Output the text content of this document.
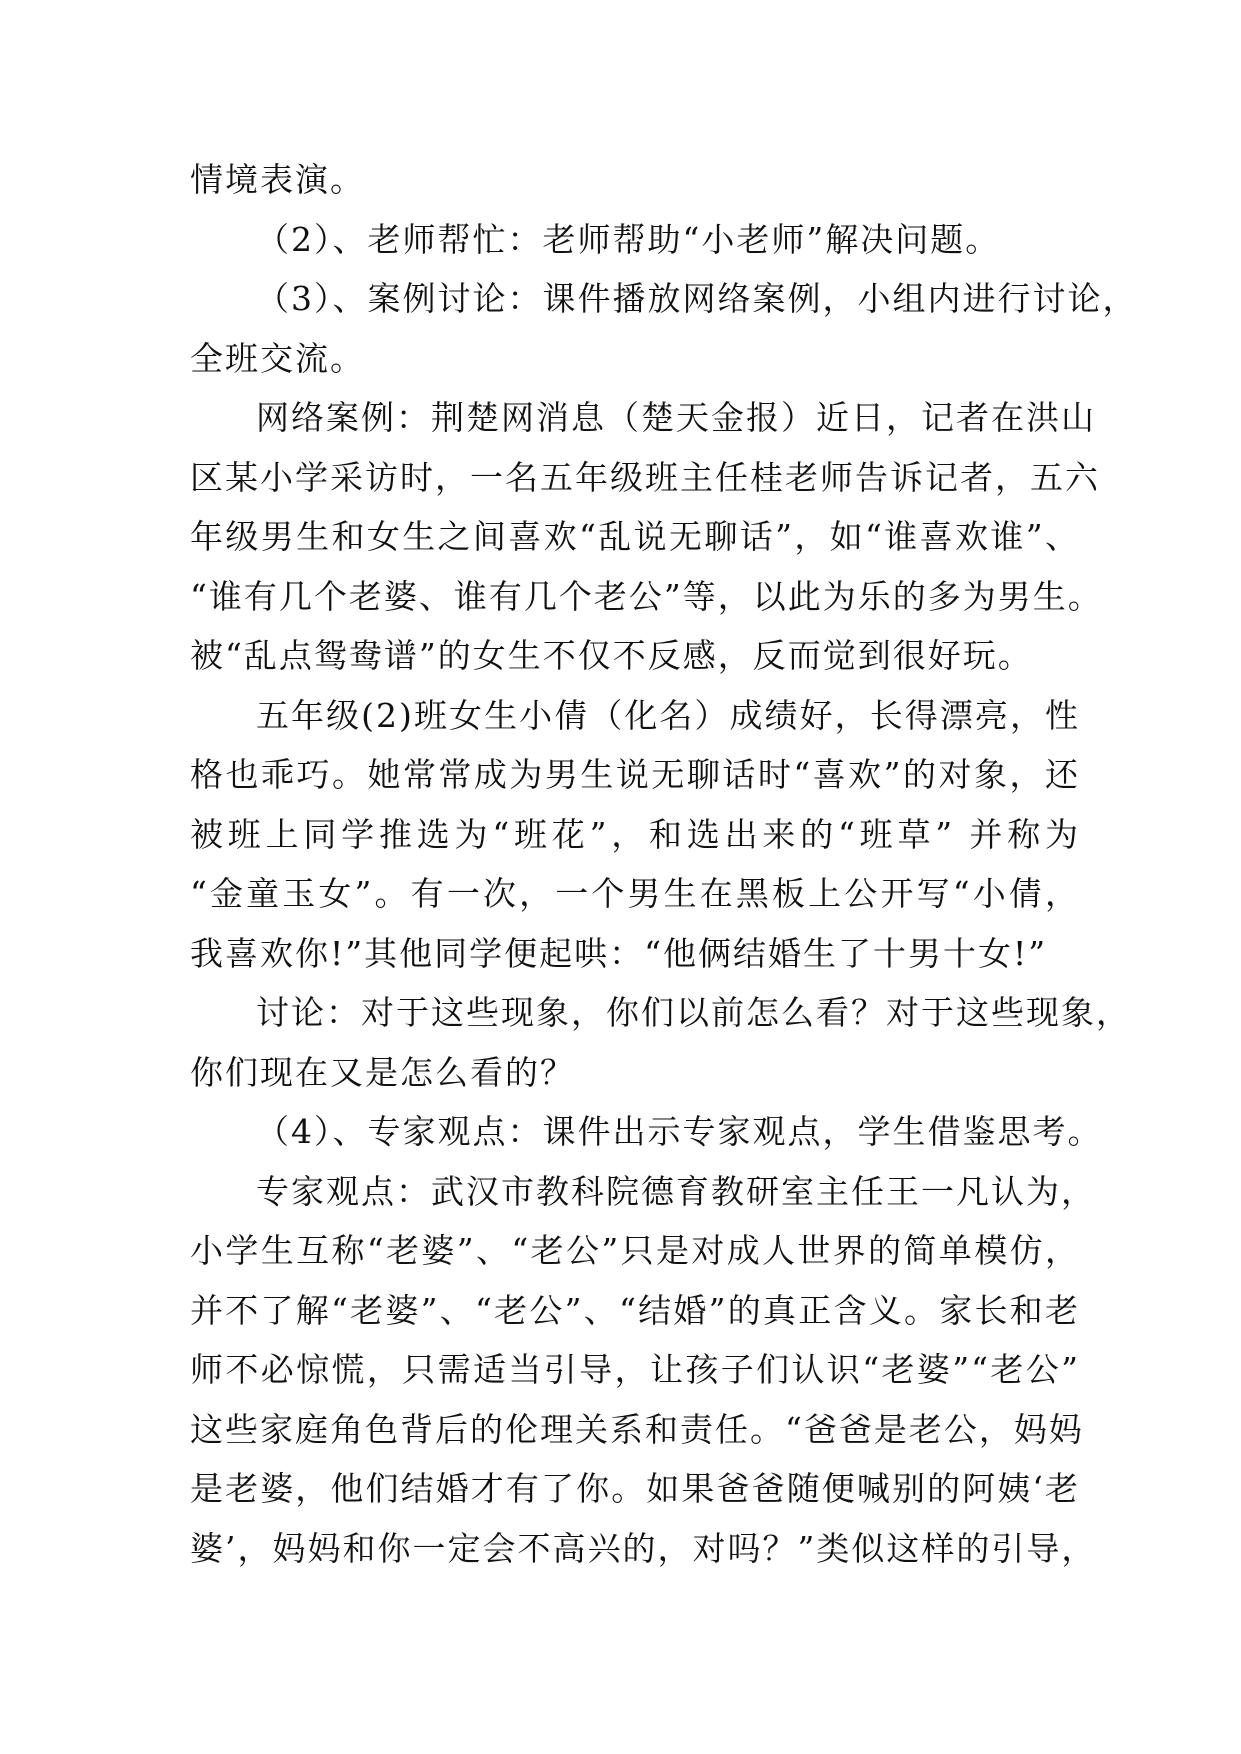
情境表演。
（2）、老师帮忙：老师帮助“小老师”解决问题。
（3）、案例讨论：课件播放网络案例，小组内进行讨论，
全班交流。
网络案例：荆楚网消息（楚天金报）近日，记者在洪山
区某小学采访时，一名五年级班主任桂老师告诉记者，五六
年级男生和女生之间喜欢“乱说无聊话”，如“谁喜欢谁”、
“谁有几个老婆、谁有几个老公”等，以此为乐的多为男生。
被“乱点鸳鸯谱”的女生不仅不反感，反而觉到很好玩。
五年级(2)班女生小倩（化名）成绩好，长得漂亮，性
格也乖巧。她常常成为男生说无聊话时“喜欢”的对象，还
被班上同学推选为“班花”，和选出来的“班草” 并称为
“金童玉女”。有一次，一个男生在黑板上公开写“小倩，
我喜欢你!”其他同学便起哄：“他俩结婚生了十男十女!”
讨论：对于这些现象，你们以前怎么看？对于这些现象，
你们现在又是怎么看的？
（4）、专家观点：课件出示专家观点，学生借鉴思考。
专家观点：武汉市教科院德育教研室主任王一凡认为，
小学生互称“老婆”、“老公”只是对成人世界的简单模仿，
并不了解“老婆”、“老公”、“结婚”的真正含义。家长和老
师不必惊慌，只需适当引导，让孩子们认识“老婆”“老公”
这些家庭角色背后的伦理关系和责任。“爸爸是老公，妈妈
是老婆，他们结婚才有了你。如果爸爸随便喊别的阿姨‘老
婆’，妈妈和你一定会不高兴的，对吗？”类似这样的引导，
